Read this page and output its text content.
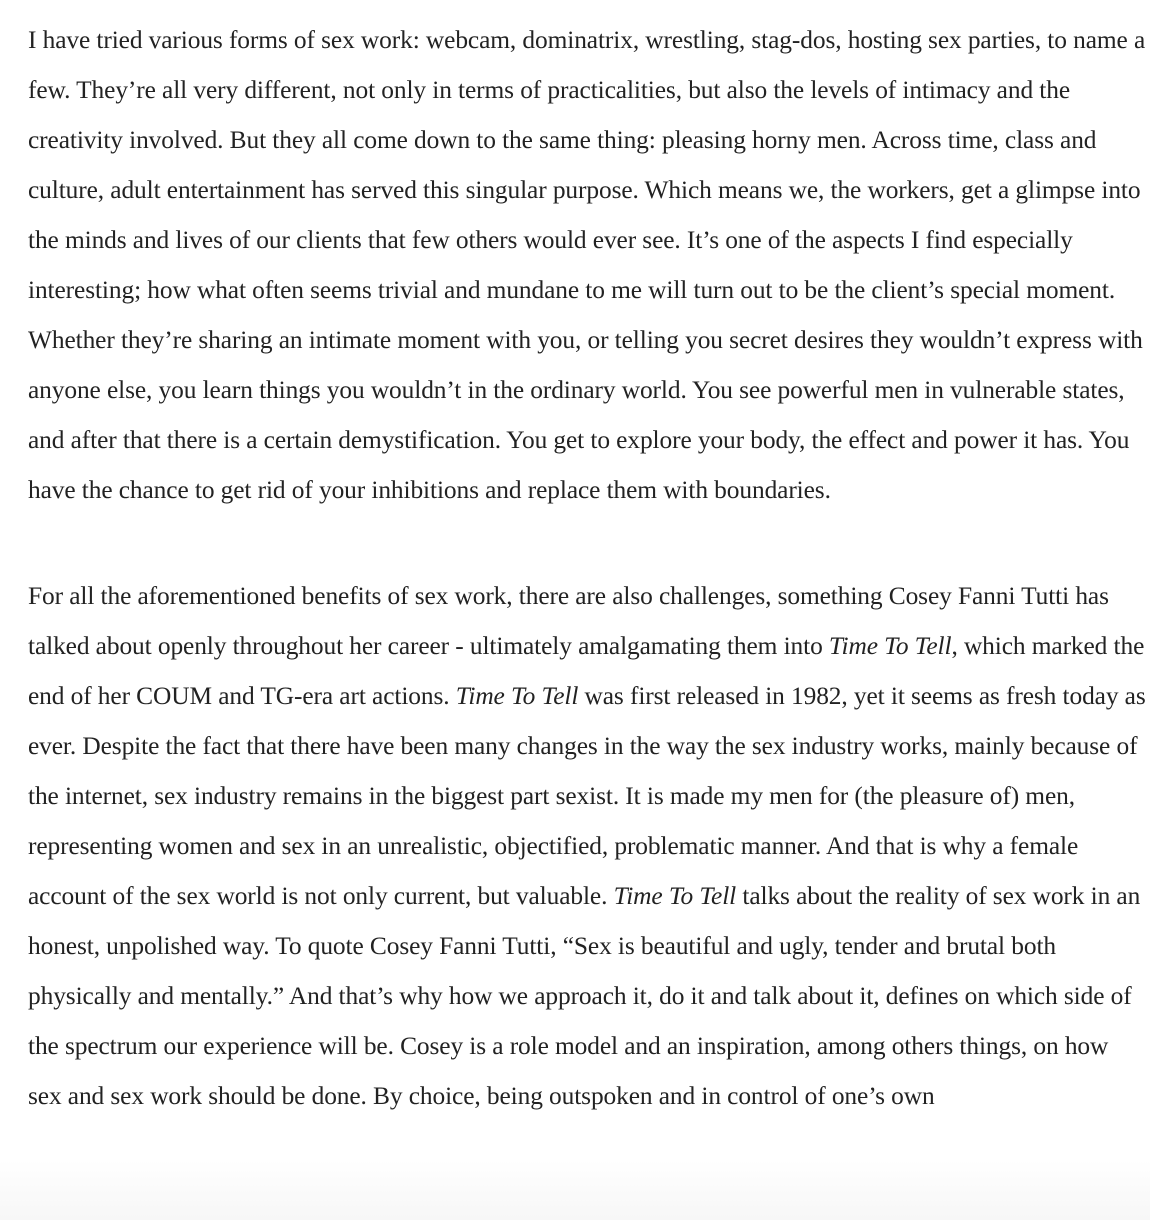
I have tried various forms of sex work: webcam, dominatrix, wrestling, stag-dos, hosting sex parties, to name a few. They’re all very different, not only in terms of practicalities, but also the levels of intimacy and the creativity involved. But they all come down to the same thing: pleasing horny men. Across time, class and culture, adult entertainment has served this singular purpose. Which means we, the workers, get a glimpse into the minds and lives of our clients that few others would ever see. It’s one of the aspects I find especially interesting; how what often seems trivial and mundane to me will turn out to be the client’s special moment. Whether they’re sharing an intimate moment with you, or telling you secret desires they wouldn’t express with anyone else, you learn things you wouldn’t in the ordinary world. You see powerful men in vulnerable states, and after that there is a certain demystification. You get to explore your body, the effect and power it has. You have the chance to get rid of your inhibitions and replace them with boundaries.

For all the aforementioned benefits of sex work, there are also challenges, something Cosey Fanni Tutti has talked about openly throughout her career - ultimately amalgamating them into Time To Tell, which marked the end of her COUM and TG-era art actions. Time To Tell was first released in 1982, yet it seems as fresh today as ever. Despite the fact that there have been many changes in the way the sex industry works, mainly because of the internet, sex industry remains in the biggest part sexist. It is made my men for (the pleasure of) men, representing women and sex in an unrealistic, objectified, problematic manner. And that is why a female account of the sex world is not only current, but valuable. Time To Tell talks about the reality of sex work in an honest, unpolished way. To quote Cosey Fanni Tutti, “Sex is beautiful and ugly, tender and brutal both physically and mentally.” And that’s why how we approach it, do it and talk about it, defines on which side of the spectrum our experience will be. Cosey is a role model and an inspiration, among others things, on how sex and sex work should be done. By choice, being outspoken and in control of one’s own
